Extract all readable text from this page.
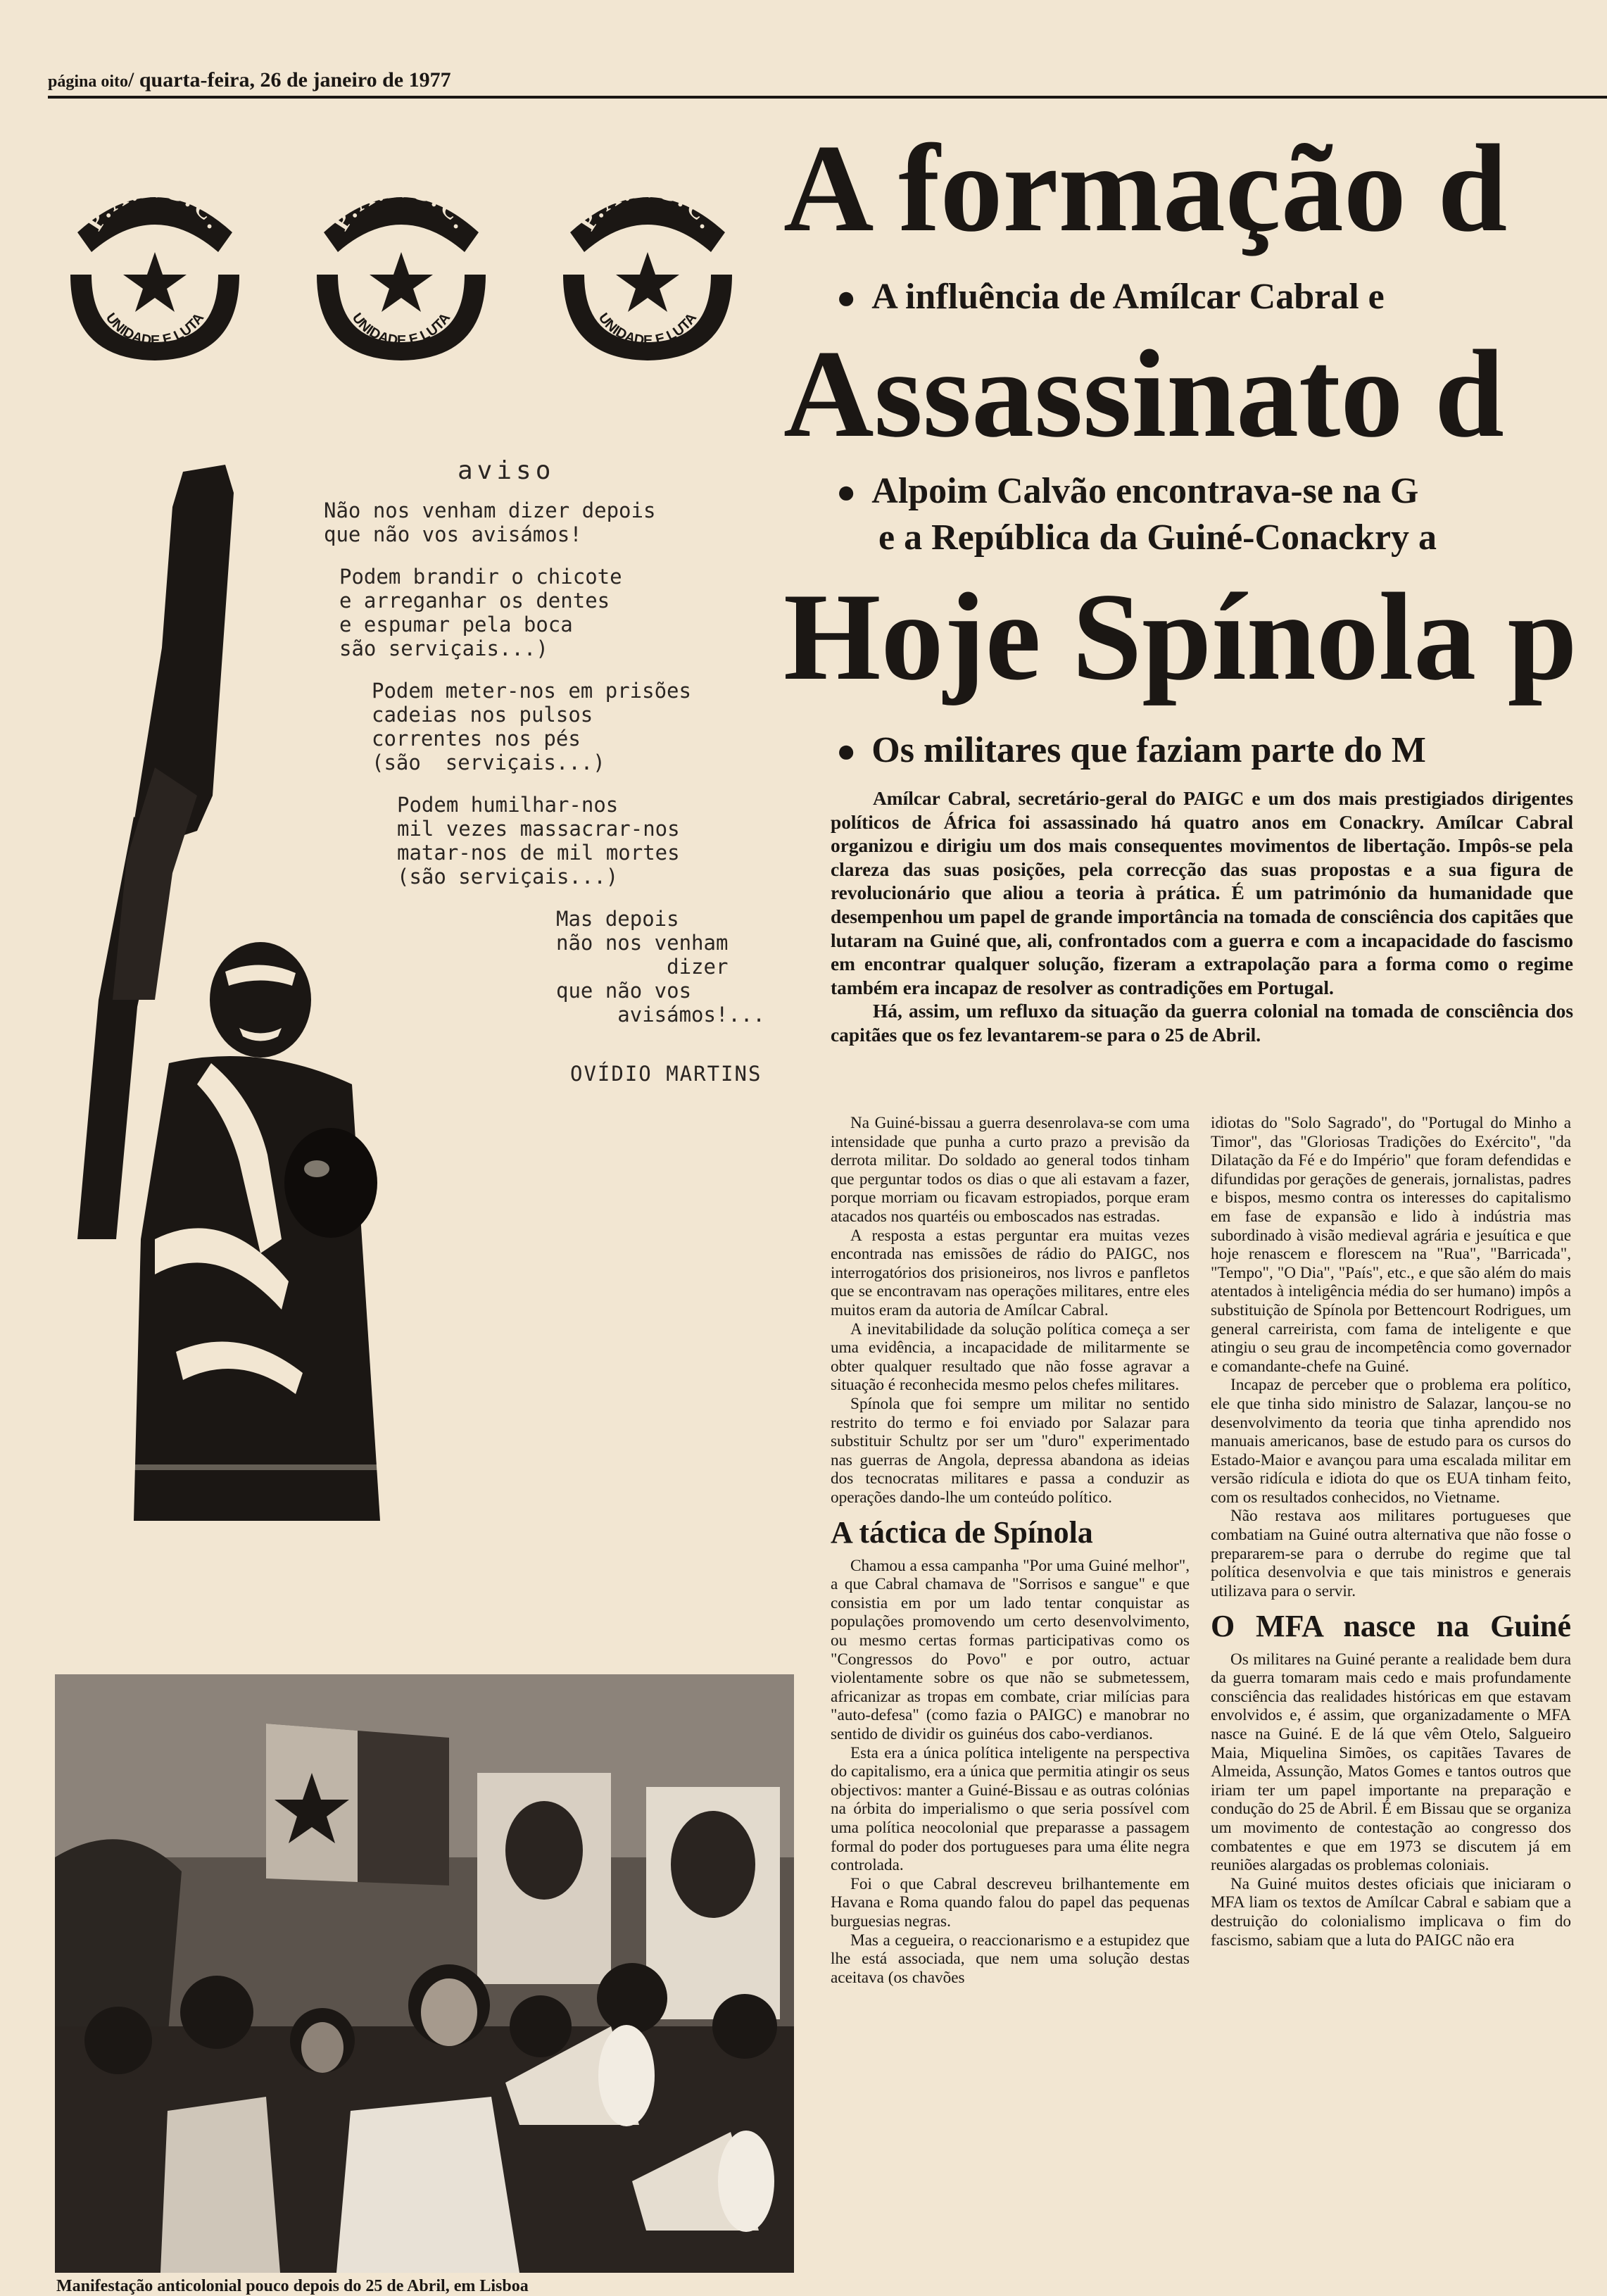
página oito/ quarta-feira, 26 de janeiro de 1977
P.A.I.G.C.
UNIDADE E LUTA
P.A.I.G.C.
UNIDADE E LUTA
P.A.I.G.C.
UNIDADE E LUTA
aviso
Não nos venham dizer depois
que não vos avisámos!
Podem brandir o chicote
e arreganhar os dentes
e espumar pela boca
são serviçais...)
Podem meter-nos em prisões
cadeias nos pulsos
correntes nos pés
(são  serviçais...)
Podem humilhar-nos
mil vezes massacrar-nos
matar-nos de mil mortes
(são serviçais...)
Mas depois
não nos venham
dizer
que não vos
avisámos!...
OVÍDIO MARTINS
Manifestação anticolonial pouco depois do 25 de Abril, em Lisboa
A formação d
● A influência de Amílcar Cabral e
Assassinato d
● Alpoim Calvão encontrava-se na G
e a República da Guiné-Conackry a
Hoje Spínola p
● Os militares que faziam parte do M

Amílcar Cabral, secretário-geral do PAIGC e um dos mais prestigiados dirigentes políticos de África foi assassinado há quatro anos em Conackry. Amílcar Cabral organizou e dirigiu um dos mais consequentes movimentos de libertação. Impôs-se pela clareza das suas posições, pela correcção das suas propostas e a sua figura de revolucionário que aliou a teoria à prática. É um património da humanidade que desempenhou um papel de grande importância na tomada de consciência dos capitães que lutaram na Guiné que, ali, confrontados com a guerra e com a incapacidade do fascismo em encontrar qualquer solução, fizeram a extrapolação para a forma como o regime também era incapaz de resolver as contradições em Portugal.

Há, assim, um refluxo da situação da guerra colonial na tomada de consciência dos capitães que os fez levantarem-se para o 25 de Abril.

Na Guiné-bissau a guerra desenrolava-se com uma intensidade que punha a curto prazo a previsão da derrota militar. Do soldado ao general todos tinham que perguntar todos os dias o que ali estavam a fazer, porque morriam ou ficavam estropiados, porque eram atacados nos quartéis ou emboscados nas estradas.

A resposta a estas perguntar era muitas vezes encontrada nas emissões de rádio do PAIGC, nos interrogatórios dos prisioneiros, nos livros e panfletos que se encontravam nas operações militares, entre eles muitos eram da autoria de Amílcar Cabral.

A inevitabilidade da solução política começa a ser uma evidência, a incapacidade de militarmente se obter qualquer resultado que não fosse agravar a situação é reconhecida mesmo pelos chefes militares.

Spínola que foi sempre um militar no sentido restrito do termo e foi enviado por Salazar para substituir Schultz por ser um "duro" experimentado nas guerras de Angola, depressa abandona as ideias dos tecnocratas militares e passa a conduzir as operações dando-lhe um conteúdo político.

A táctica de Spínola

Chamou a essa campanha "Por uma Guiné melhor", a que Cabral chamava de "Sorrisos e sangue" e que consistia em por um lado tentar conquistar as populações promovendo um certo desenvolvimento, ou mesmo certas formas participativas como os "Congressos do Povo" e por outro, actuar violentamente sobre os que não se submetessem, africanizar as tropas em combate, criar milícias para "auto-defesa" (como fazia o PAIGC) e manobrar no sentido de dividir os guinéus dos cabo-verdianos.

Esta era a única política inteligente na perspectiva do capitalismo, era a única que permitia atingir os seus objectivos: manter a Guiné-Bissau e as outras colónias na órbita do imperialismo o que seria possível com uma política neocolonial que preparasse a passagem formal do poder dos portugueses para uma élite negra controlada.

Foi o que Cabral descreveu brilhantemente em Havana e Roma quando falou do papel das pequenas burguesias negras.

Mas a cegueira, o reaccionarismo e a estupidez que lhe está associada, que nem uma solução destas aceitava (os chavões

idiotas do "Solo Sagrado", do "Portugal do Minho a Timor", das "Gloriosas Tradições do Exército", "da Dilatação da Fé e do Império" que foram defendidas e difundidas por gerações de generais, jornalistas, padres e bispos, mesmo contra os interesses do capitalismo em fase de expansão e lido à indústria mas subordinado à visão medieval agrária e jesuítica e que hoje renascem e florescem na "Rua", "Barricada", "Tempo", "O Dia", "País", etc., e que são além do mais atentados à inteligência média do ser humano) impôs a substituição de Spínola por Bettencourt Rodrigues, um general carreirista, com fama de inteligente e que atingiu o seu grau de incompetência como governador e comandante-chefe na Guiné.

Incapaz de perceber que o problema era político, ele que tinha sido ministro de Salazar, lançou-se no desenvolvimento da teoria que tinha aprendido nos manuais americanos, base de estudo para os cursos do Estado-Maior e avançou para uma escalada militar em versão ridícula e idiota do que os EUA tinham feito, com os resultados conhecidos, no Vietname.

Não restava aos militares portugueses que combatiam na Guiné outra alternativa que não fosse o prepararem-se para o derrube do regime que tal política desenvolvia e que tais ministros e generais utilizava para o servir.

O MFA nasce na Guiné

Os militares na Guiné perante a realidade bem dura da guerra tomaram mais cedo e mais profundamente consciência das realidades históricas em que estavam envolvidos e, é assim, que organizadamente o MFA nasce na Guiné. E de lá que vêm Otelo, Salgueiro Maia, Miquelina Simões, os capitães Tavares de Almeida, Assunção, Matos Gomes e tantos outros que iriam ter um papel importante na preparação e condução do 25 de Abril. É em Bissau que se organiza um movimento de contestação ao congresso dos combatentes e que em 1973 se discutem já em reuniões alargadas os problemas coloniais.

Na Guiné muitos destes oficiais que iniciaram o MFA liam os textos de Amílcar Cabral e sabiam que a destruição do colonialismo implicava o fim do fascismo, sabiam que a luta do PAIGC não era
